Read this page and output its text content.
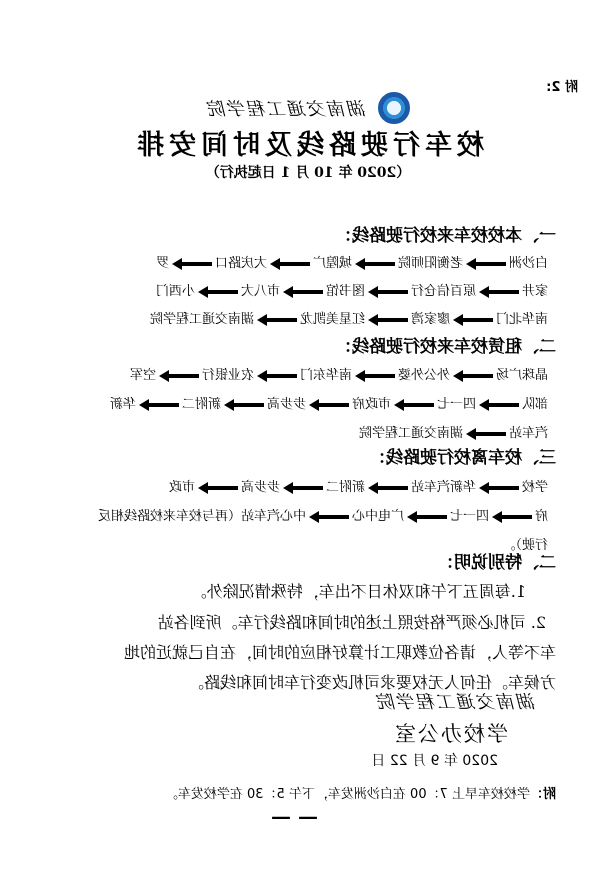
附 2:
湖南交通工程学院
校车行驶路线及时间安排
（2020 年 10 月 1 日起执行）
一、本校校车来校行驶路线：
白沙洲老衡阳师院城隍广大庆路口罗
家井原百信仓行图书馆市八大小西门
南华北门廖家湾红星美凯龙湖南交通工程学院
二、租赁校车来校行驶路线：
晶珠广场外公外婆南华东门农业银行空军
部队四一七市政府步步高新附二华新
汽车站湖南交通工程学院
三、校车离校行驶路线：
学校华新汽车站新附二步步高市政
府四一七广电中心中心汽车站（再与校车来校路线相反
行驶）。
二、特别说明：
1.每周五下午和双休日不出车，特殊情况除外。
2. 司机必须严格按照上述的时间和路线行车。所到各站
车不等人，请各位教职工计算好相应的时间，在自己就近的地
方候车。任何人无权要求司机改变行车时间和线路。
湖南交通工程学院
学校办公室
2020 年 9 月 22 日
附：学校校车早上 7：00 在白沙洲发车，下午 5：30 在学校发车。
— —
